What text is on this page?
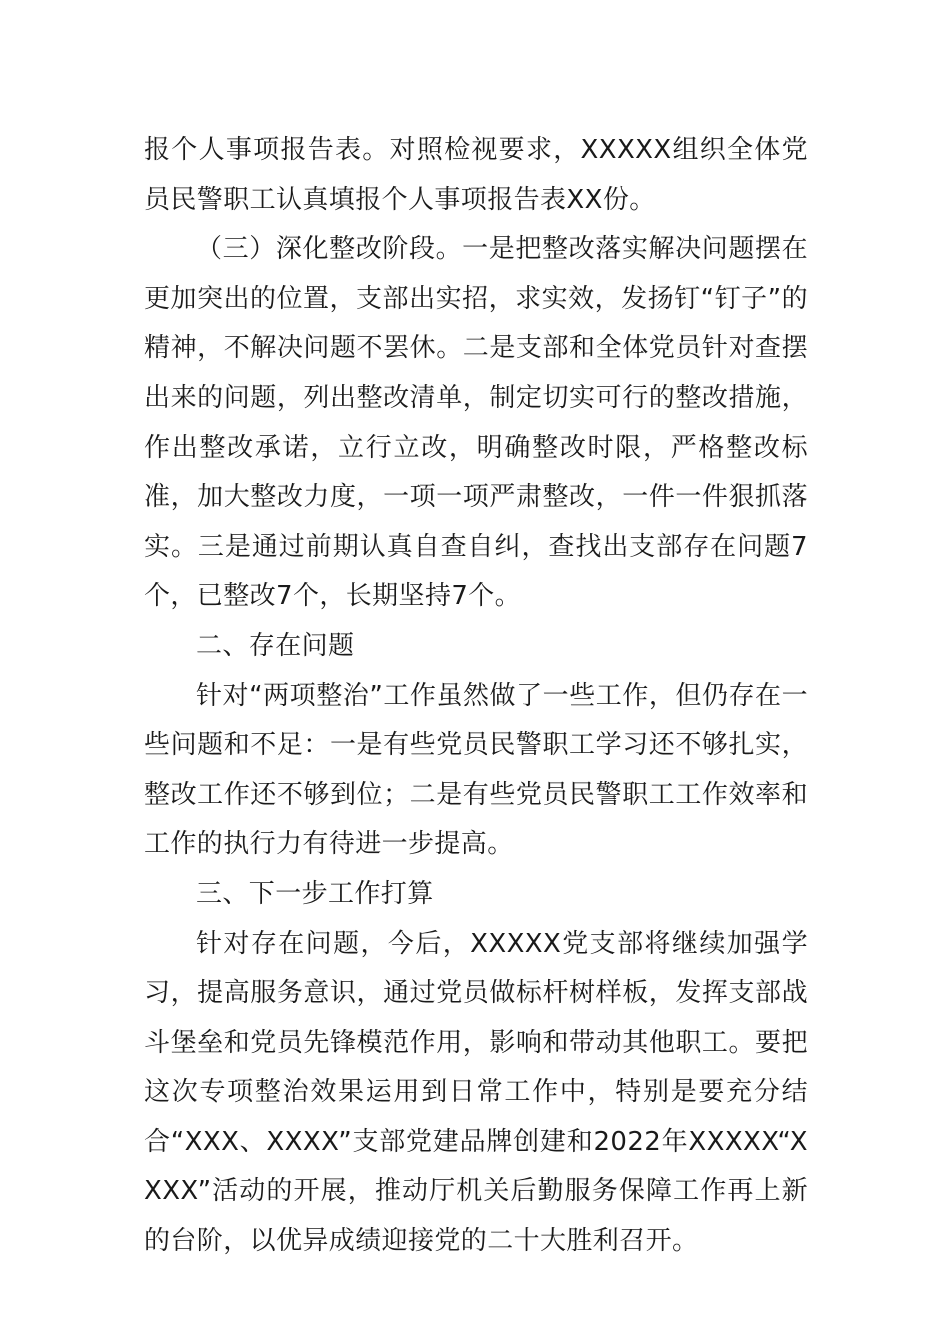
报个人事项报告表。对照检视要求，XXXXX组织全体党员民警职工认真填报个人事项报告表XX份。

（三）深化整改阶段。一是把整改落实解决问题摆在更加突出的位置，支部出实招，求实效，发扬钉“钉子”的精神，不解决问题不罢休。二是支部和全体党员针对查摆出来的问题，列出整改清单，制定切实可行的整改措施，作出整改承诺，立行立改，明确整改时限，严格整改标准，加大整改力度，一项一项严肃整改，一件一件狠抓落实。三是通过前期认真自查自纠，查找出支部存在问题7个，已整改7个，长期坚持7个。

二、存在问题

针对“两项整治”工作虽然做了一些工作，但仍存在一些问题和不足：一是有些党员民警职工学习还不够扎实，整改工作还不够到位；二是有些党员民警职工工作效率和工作的执行力有待进一步提高。

三、下一步工作打算

针对存在问题，今后，XXXXX党支部将继续加强学习，提高服务意识，通过党员做标杆树样板，发挥支部战斗堡垒和党员先锋模范作用，影响和带动其他职工。要把这次专项整治效果运用到日常工作中，特别是要充分结合“XXX、XXXX”支部党建品牌创建和2022年XXXXX“XXXX”活动的开展，推动厅机关后勤服务保障工作再上新的台阶，以优异成绩迎接党的二十大胜利召开。
